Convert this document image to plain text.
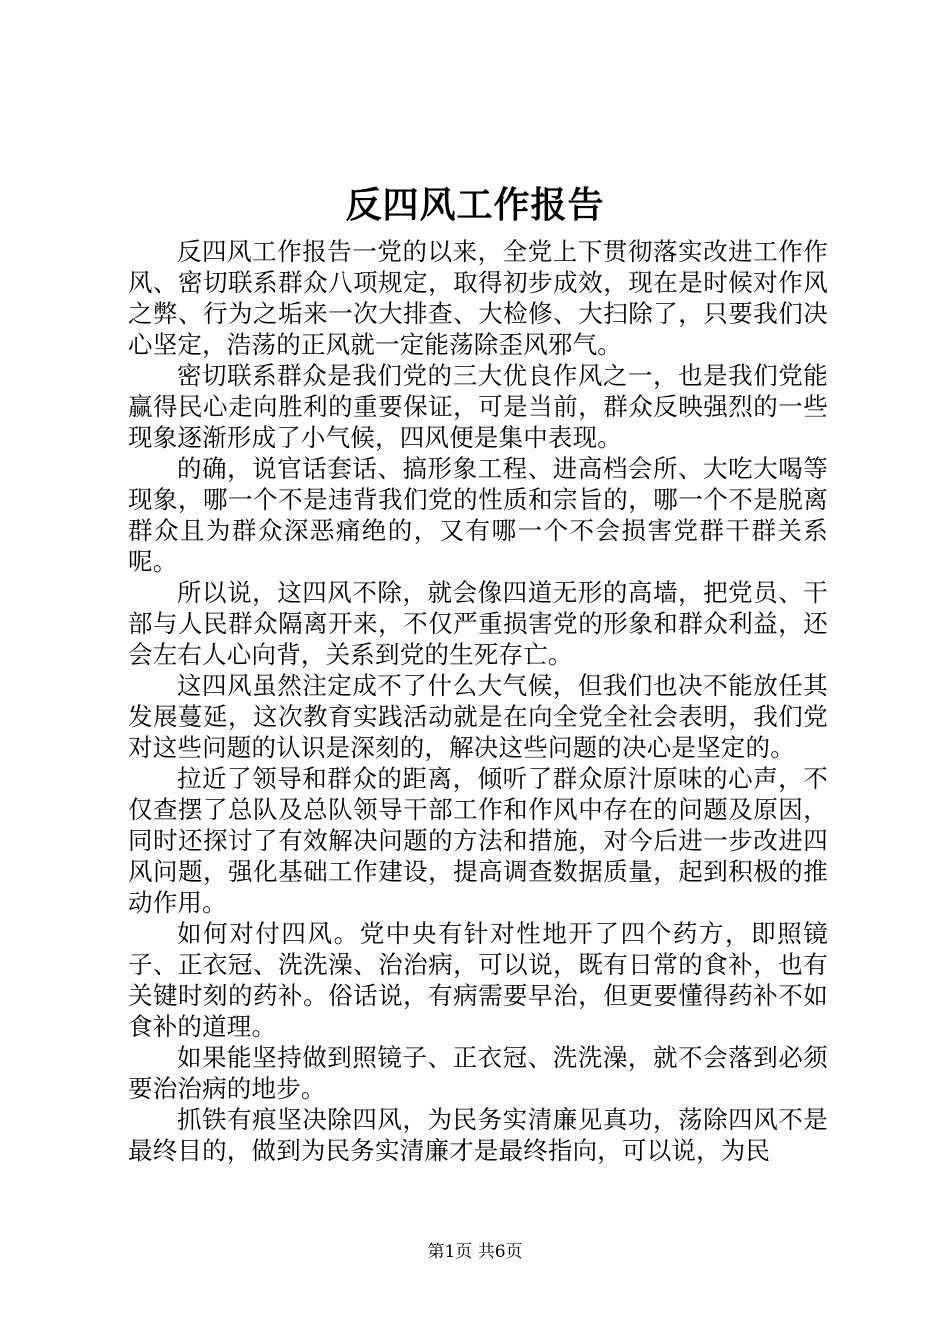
反四风工作报告

反四风工作报告一党的以来，全党上下贯彻落实改进工作作风、密切联系群众八项规定，取得初步成效，现在是时候对作风之弊、行为之垢来一次大排查、大检修、大扫除了，只要我们决心坚定，浩荡的正风就一定能荡除歪风邪气。

密切联系群众是我们党的三大优良作风之一，也是我们党能赢得民心走向胜利的重要保证，可是当前，群众反映强烈的一些现象逐渐形成了小气候，四风便是集中表现。

的确，说官话套话、搞形象工程、进高档会所、大吃大喝等现象，哪一个不是违背我们党的性质和宗旨的，哪一个不是脱离群众且为群众深恶痛绝的，又有哪一个不会损害党群干群关系呢。

所以说，这四风不除，就会像四道无形的高墙，把党员、干部与人民群众隔离开来，不仅严重损害党的形象和群众利益，还会左右人心向背，关系到党的生死存亡。

这四风虽然注定成不了什么大气候，但我们也决不能放任其发展蔓延，这次教育实践活动就是在向全党全社会表明，我们党对这些问题的认识是深刻的，解决这些问题的决心是坚定的。

拉近了领导和群众的距离，倾听了群众原汁原味的心声，不仅查摆了总队及总队领导干部工作和作风中存在的问题及原因，同时还探讨了有效解决问题的方法和措施，对今后进一步改进四风问题，强化基础工作建设，提高调查数据质量，起到积极的推动作用。

如何对付四风。党中央有针对性地开了四个药方，即照镜子、正衣冠、洗洗澡、治治病，可以说，既有日常的食补，也有关键时刻的药补。俗话说，有病需要早治，但更要懂得药补不如食补的道理。

如果能坚持做到照镜子、正衣冠、洗洗澡，就不会落到必须要治治病的地步。

抓铁有痕坚决除四风，为民务实清廉见真功，荡除四风不是最终目的，做到为民务实清廉才是最终指向，可以说，为民

第1页 共6页
